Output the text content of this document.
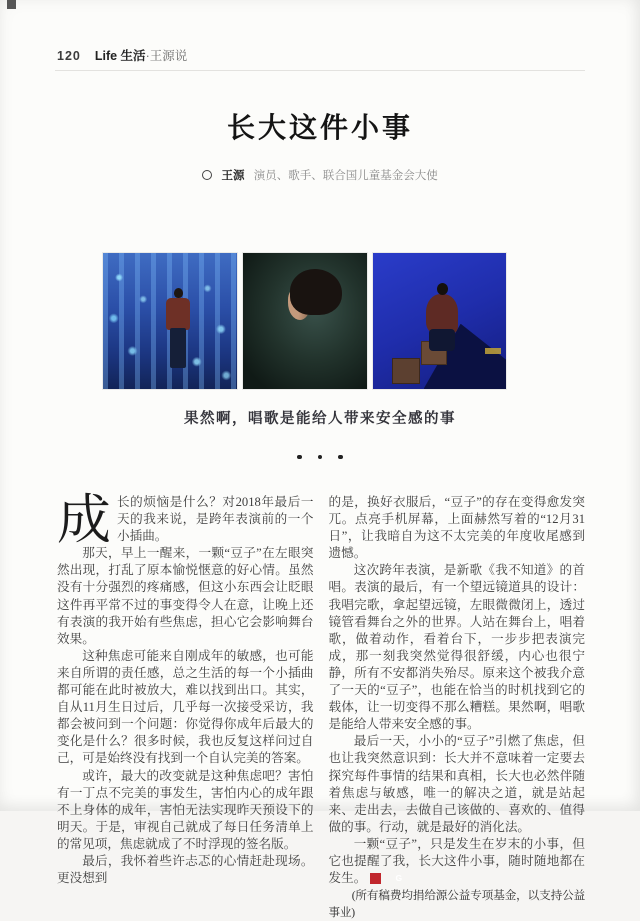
120 Life 生活·王源说
长大这件小事
王源 演员、歌手、联合国儿童基金会大使
果然啊，唱歌是能给人带来安全感的事

成长的烦恼是什么？对2018年最后一天的我来说，是跨年表演前的一个小插曲。

那天，早上一醒来，一颗“豆子”在左眼突然出现，打乱了原本愉悦惬意的好心情。虽然没有十分强烈的疼痛感，但这小东西会让眨眼这件再平常不过的事变得令人在意，让晚上还有表演的我开始有些焦虑，担心它会影响舞台效果。

这种焦虑可能来自刚成年的敏感，也可能来自所谓的责任感，总之生活的每一个小插曲都可能在此时被放大，难以找到出口。其实，自从11月生日过后，几乎每一次接受采访，我都会被问到一个问题：你觉得你成年后最大的变化是什么？很多时候，我也反复这样问过自己，可是始终没有找到一个自认完美的答案。

或许，最大的改变就是这种焦虑吧？害怕有一丁点不完美的事发生，害怕内心的成年跟不上身体的成年，害怕无法实现昨天预设下的明天。于是，审视自己就成了每日任务清单上的常见项，焦虑就成了不时浮现的签名版。

最后，我怀着些许忐忑的心情赶赴现场。更没想到

的是，换好衣服后，“豆子”的存在变得愈发突兀。点亮手机屏幕，上面赫然写着的“12月31日”，让我暗自为这不太完美的年度收尾感到遗憾。

这次跨年表演，是新歌《我不知道》的首唱。表演的最后，有一个望远镜道具的设计：我唱完歌，拿起望远镜，左眼微微闭上，透过镜管看舞台之外的世界。人站在舞台上，唱着歌，做着动作，看着台下，一步步把表演完成，那一刻我突然觉得很舒缓，内心也很宁静，所有不安都消失殆尽。原来这个被我介意了一天的“豆子”，也能在恰当的时机找到它的载体，让一切变得不那么糟糕。果然啊，唱歌是能给人带来安全感的事。

最后一天，小小的“豆子”引燃了焦虑，但也让我突然意识到：长大并不意味着一定要去探究每件事情的结果和真相，长大也必然伴随着焦虑与敏感，唯一的解决之道，就是站起来、走出去，去做自己该做的、喜欢的、值得做的事。行动，就是最好的消化法。

一颗“豆子”，只是发生在岁末的小事，但它也提醒了我，长大这件小事，随时随地都在发生。	G

(所有稿费均捐给源公益专项基金，以支持公益事业)
